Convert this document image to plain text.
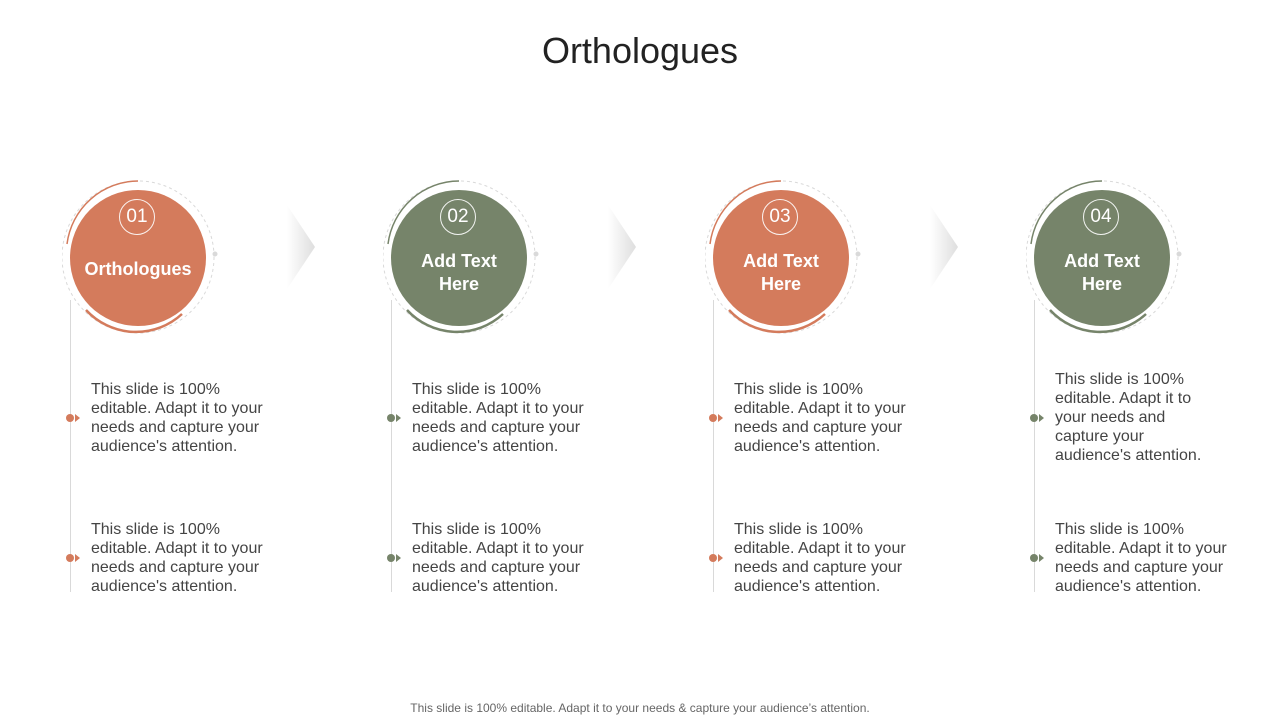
Orthologues
01
Orthologues
This slide is 100% editable. Adapt it to your needs and capture your audience's attention.
This slide is 100% editable. Adapt it to your needs and capture your audience's attention.
02
Add Text Here
This slide is 100% editable. Adapt it to your needs and capture your audience's attention.
This slide is 100% editable. Adapt it to your needs and capture your audience's attention.
03
Add Text Here
This slide is 100% editable. Adapt it to your needs and capture your audience's attention.
This slide is 100% editable. Adapt it to your needs and capture your audience's attention.
04
Add Text Here
This slide is 100% editable. Adapt it to your needs and capture your audience's attention.
This slide is 100% editable. Adapt it to your needs and capture your audience's attention.
This slide is 100% editable. Adapt it to your needs & capture your audience’s attention.
